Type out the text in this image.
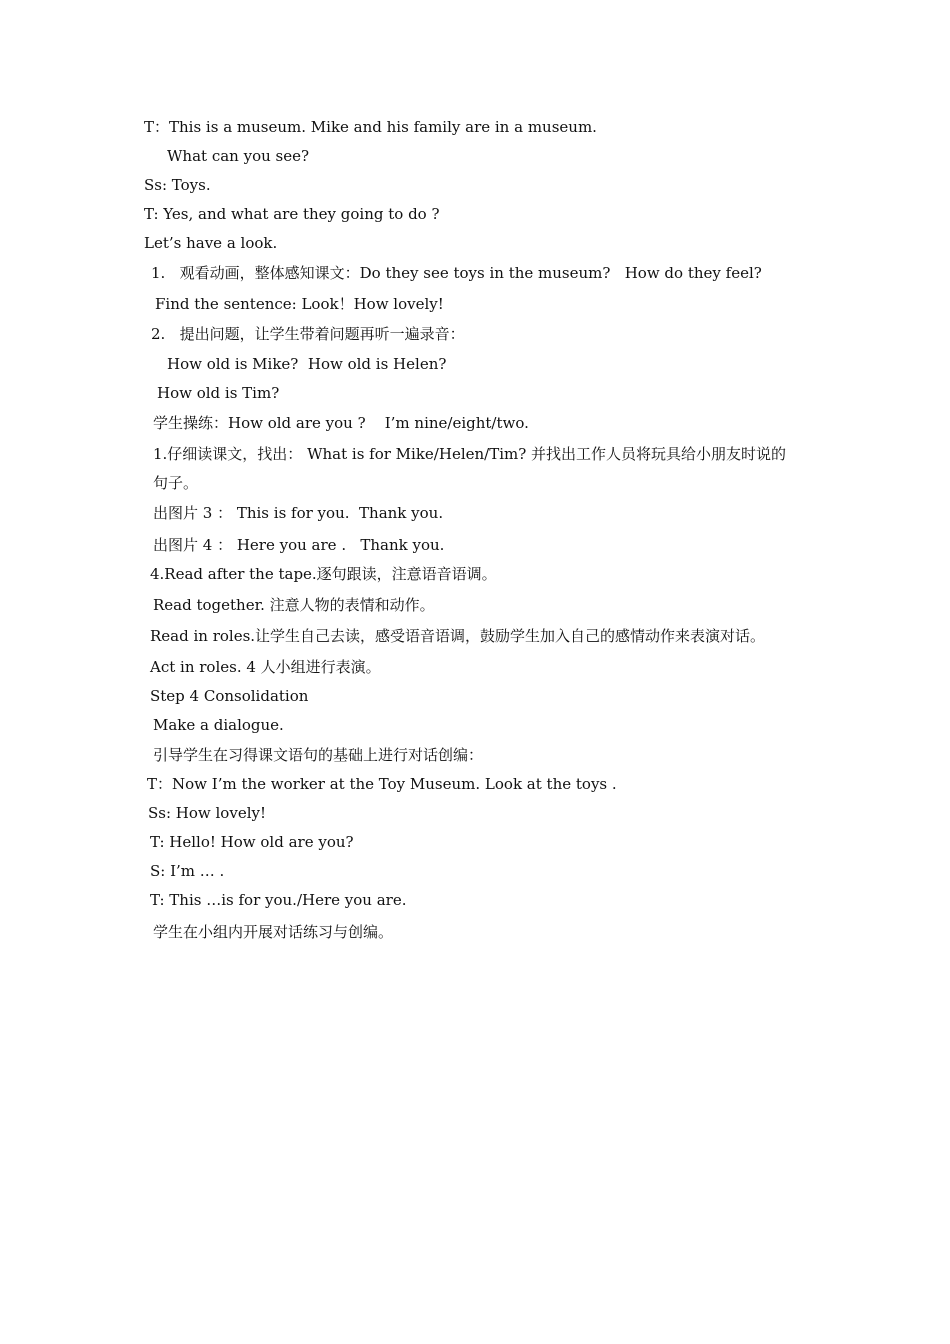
T：This is a museum. Mike and his family are in a museum.
What can you see?
Ss: Toys.
T: Yes, and what are they going to do ?
Let’s have a look.
1.   观看动画，整体感知课文：Do they see toys in the museum?   How do they feel?
Find the sentence: Look！How lovely!
2.   提出问题，让学生带着问题再听一遍录音：
How old is Mike?  How old is Helen?
How old is Tim?
学生操练：How old are you ?    I’m nine/eight/two.
1.仔细读课文，找出： What is for Mike/Helen/Tim? 并找出工作人员将玩具给小朋友时说的
句子。
出图片 3 ： This is for you.  Thank you.
出图片 4 ： Here you are .   Thank you.
4.Read after the tape.逐句跟读，注意语音语调。
Read together. 注意人物的表情和动作。
Read in roles.让学生自己去读，感受语音语调，鼓励学生加入自己的感情动作来表演对话。
Act in roles. 4 人小组进行表演。
Step 4 Consolidation
Make a dialogue.
引导学生在习得课文语句的基础上进行对话创编：
T：Now I’m the worker at the Toy Museum. Look at the toys .
Ss: How lovely!
T: Hello! How old are you?
S: I’m … .
T: This …is for you./Here you are.
学生在小组内开展对话练习与创编。
